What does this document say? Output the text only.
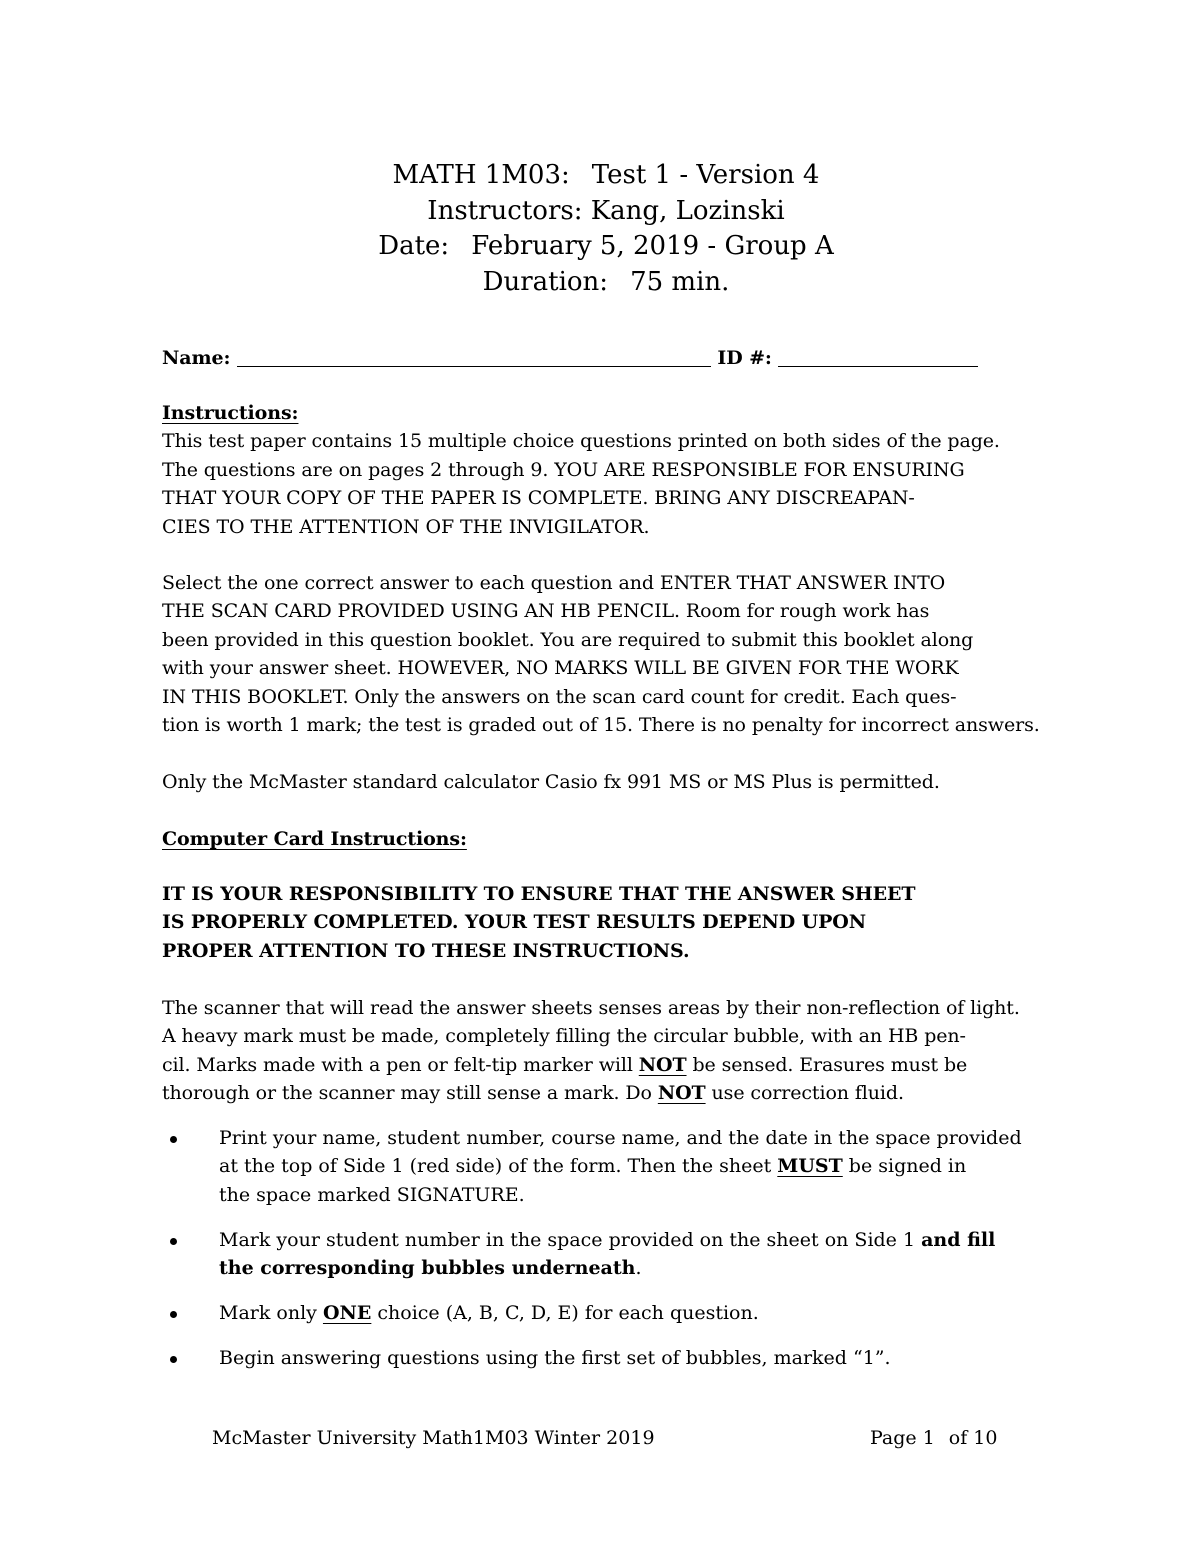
MATH 1M03: Test 1 - Version 4
Instructors: Kang, Lozinski
Date: February 5, 2019 - Group A
Duration: 75 min.
Name:	ID #:
Instructions:
This test paper contains 15 multiple choice questions printed on both sides of the page.
The questions are on pages 2 through 9. YOU ARE RESPONSIBLE FOR ENSURING
THAT YOUR COPY OF THE PAPER IS COMPLETE. BRING ANY DISCREAPAN-
CIES TO THE ATTENTION OF THE INVIGILATOR.
Select the one correct answer to each question and ENTER THAT ANSWER INTO
THE SCAN CARD PROVIDED USING AN HB PENCIL. Room for rough work has
been provided in this question booklet. You are required to submit this booklet along
with your answer sheet. HOWEVER, NO MARKS WILL BE GIVEN FOR THE WORK
IN THIS BOOKLET. Only the answers on the scan card count for credit. Each ques-
tion is worth 1 mark; the test is graded out of 15. There is no penalty for incorrect answers.
Only the McMaster standard calculator Casio fx 991 MS or MS Plus is permitted.
Computer Card Instructions:
IT IS YOUR RESPONSIBILITY TO ENSURE THAT THE ANSWER SHEET
IS PROPERLY COMPLETED. YOUR TEST RESULTS DEPEND UPON
PROPER ATTENTION TO THESE INSTRUCTIONS.
The scanner that will read the answer sheets senses areas by their non-reflection of light.
A heavy mark must be made, completely filling the circular bubble, with an HB pen-
cil. Marks made with a pen or felt-tip marker will NOT be sensed. Erasures must be
thorough or the scanner may still sense a mark. Do NOT use correction fluid.
Print your name, student number, course name, and the date in the space provided
at the top of Side 1 (red side) of the form. Then the sheet MUST be signed in
the space marked SIGNATURE.
Mark your student number in the space provided on the sheet on Side 1 and fill
the corresponding bubbles underneath.
Mark only ONE choice (A, B, C, D, E) for each question.
Begin answering questions using the first set of bubbles, marked “1”.
McMaster University Math1M03 Winter 2019	Page 1 of 10
